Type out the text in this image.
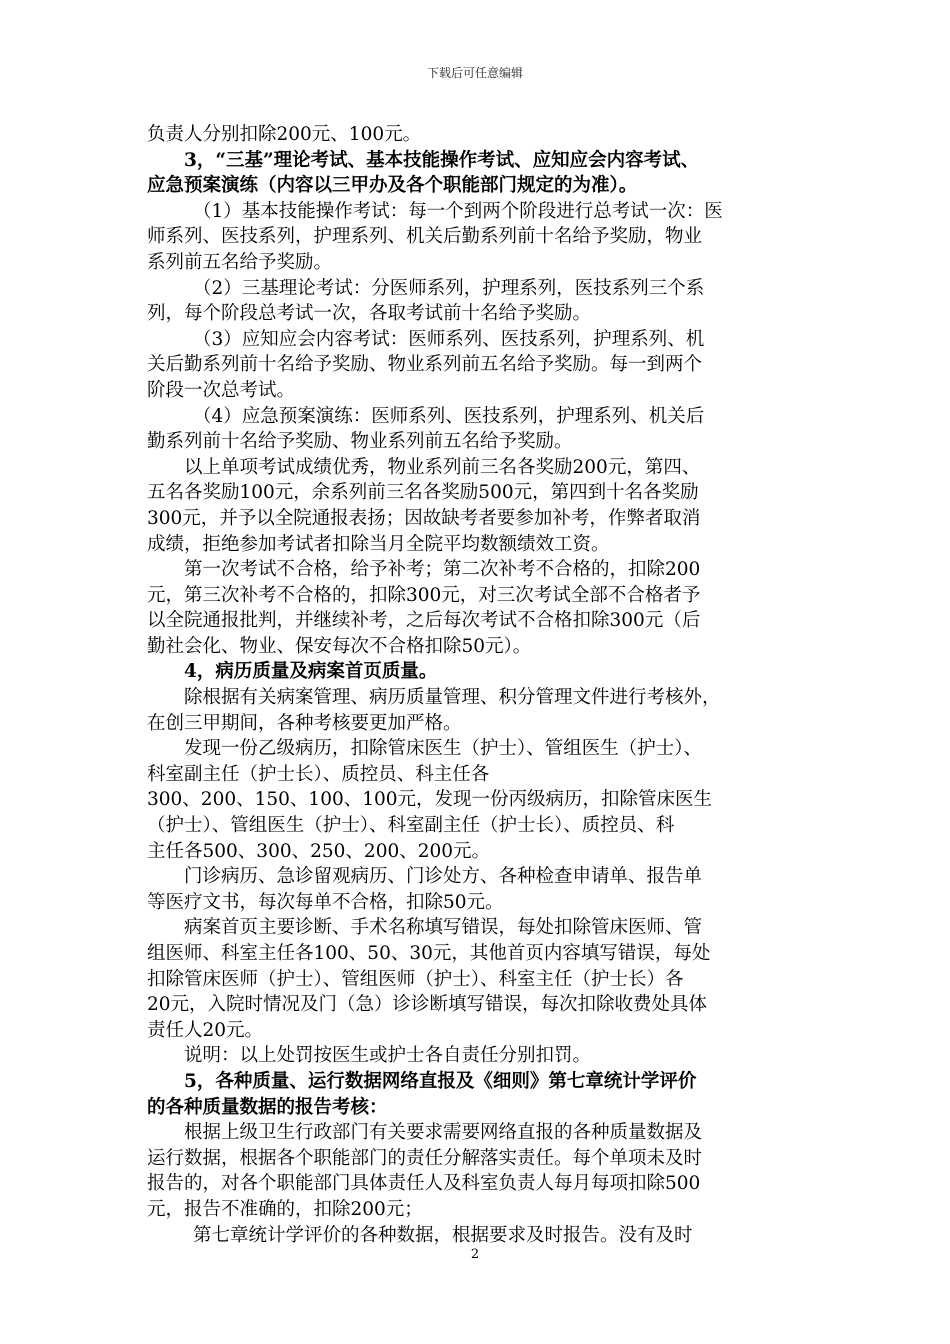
下载后可任意编辑
负责人分别扣除200元、100元。
3，“三基”理论考试、基本技能操作考试、应知应会内容考试、
应急预案演练（内容以三甲办及各个职能部门规定的为准）。
（1）基本技能操作考试：每一个到两个阶段进行总考试一次：医
师系列、医技系列，护理系列、机关后勤系列前十名给予奖励，物业
系列前五名给予奖励。
（2）三基理论考试：分医师系列，护理系列，医技系列三个系
列，每个阶段总考试一次，各取考试前十名给予奖励。
（3）应知应会内容考试：医师系列、医技系列，护理系列、机
关后勤系列前十名给予奖励、物业系列前五名给予奖励。每一到两个
阶段一次总考试。
（4）应急预案演练：医师系列、医技系列，护理系列、机关后
勤系列前十名给予奖励、物业系列前五名给予奖励。
以上单项考试成绩优秀，物业系列前三名各奖励200元，第四、
五名各奖励100元，余系列前三名各奖励500元，第四到十名各奖励
300元，并予以全院通报表扬；因故缺考者要参加补考，作弊者取消
成绩，拒绝参加考试者扣除当月全院平均数额绩效工资。
第一次考试不合格，给予补考；第二次补考不合格的，扣除200
元，第三次补考不合格的，扣除300元，对三次考试全部不合格者予
以全院通报批判，并继续补考，之后每次考试不合格扣除300元（后
勤社会化、物业、保安每次不合格扣除50元）。
4，病历质量及病案首页质量。
除根据有关病案管理、病历质量管理、积分管理文件进行考核外，
在创三甲期间，各种考核要更加严格。
发现一份乙级病历，扣除管床医生（护士）、管组医生（护士）、
科室副主任（护士长）、质控员、科主任各
300、200、150、100、100元，发现一份丙级病历，扣除管床医生
（护士）、管组医生（护士）、科室副主任（护士长）、质控员、科
主任各500、300、250、200、200元。
门诊病历、急诊留观病历、门诊处方、各种检查申请单、报告单
等医疗文书，每次每单不合格，扣除50元。
病案首页主要诊断、手术名称填写错误，每处扣除管床医师、管
组医师、科室主任各100、50、30元，其他首页内容填写错误，每处
扣除管床医师（护士）、管组医师（护士）、科室主任（护士长）各
20元，入院时情况及门（急）诊诊断填写错误，每次扣除收费处具体
责任人20元。
说明：以上处罚按医生或护士各自责任分别扣罚。
5，各种质量、运行数据网络直报及《细则》第七章统计学评价
的各种质量数据的报告考核：
根据上级卫生行政部门有关要求需要网络直报的各种质量数据及
运行数据，根据各个职能部门的责任分解落实责任。每个单项未及时
报告的，对各个职能部门具体责任人及科室负责人每月每项扣除500
元，报告不准确的，扣除200元；
第七章统计学评价的各种数据，根据要求及时报告。没有及时
2
